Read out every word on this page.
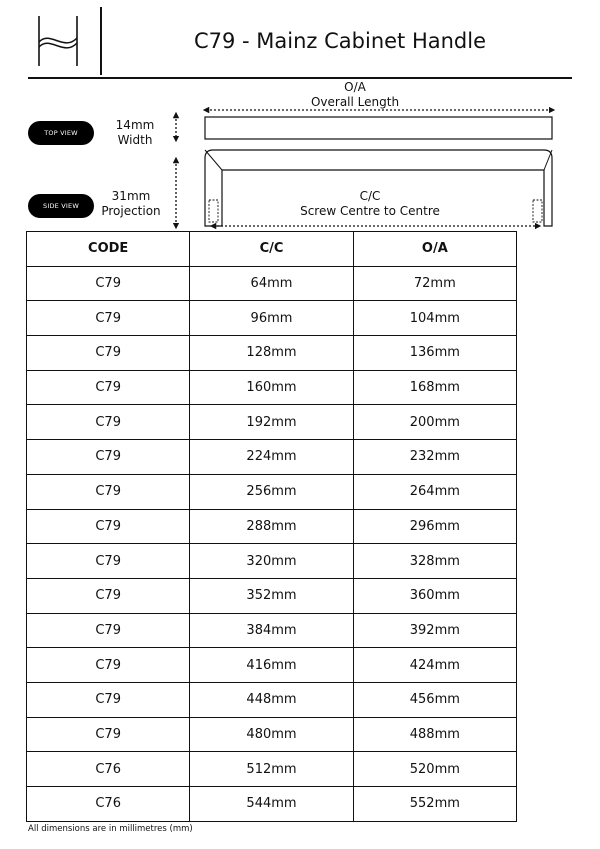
C79 - Mainz Cabinet Handle
TOP VIEW
SIDE VIEW
14mm
Width
31mm
Projection
O/A
Overall Length
C/C
Screw Centre to Centre
CODE	C/C	O/A
C79	64mm	72mm
C79	96mm	104mm
C79	128mm	136mm
C79	160mm	168mm
C79	192mm	200mm
C79	224mm	232mm
C79	256mm	264mm
C79	288mm	296mm
C79	320mm	328mm
C79	352mm	360mm
C79	384mm	392mm
C79	416mm	424mm
C79	448mm	456mm
C79	480mm	488mm
C76	512mm	520mm
C76	544mm	552mm
All dimensions are in millimetres (mm)
